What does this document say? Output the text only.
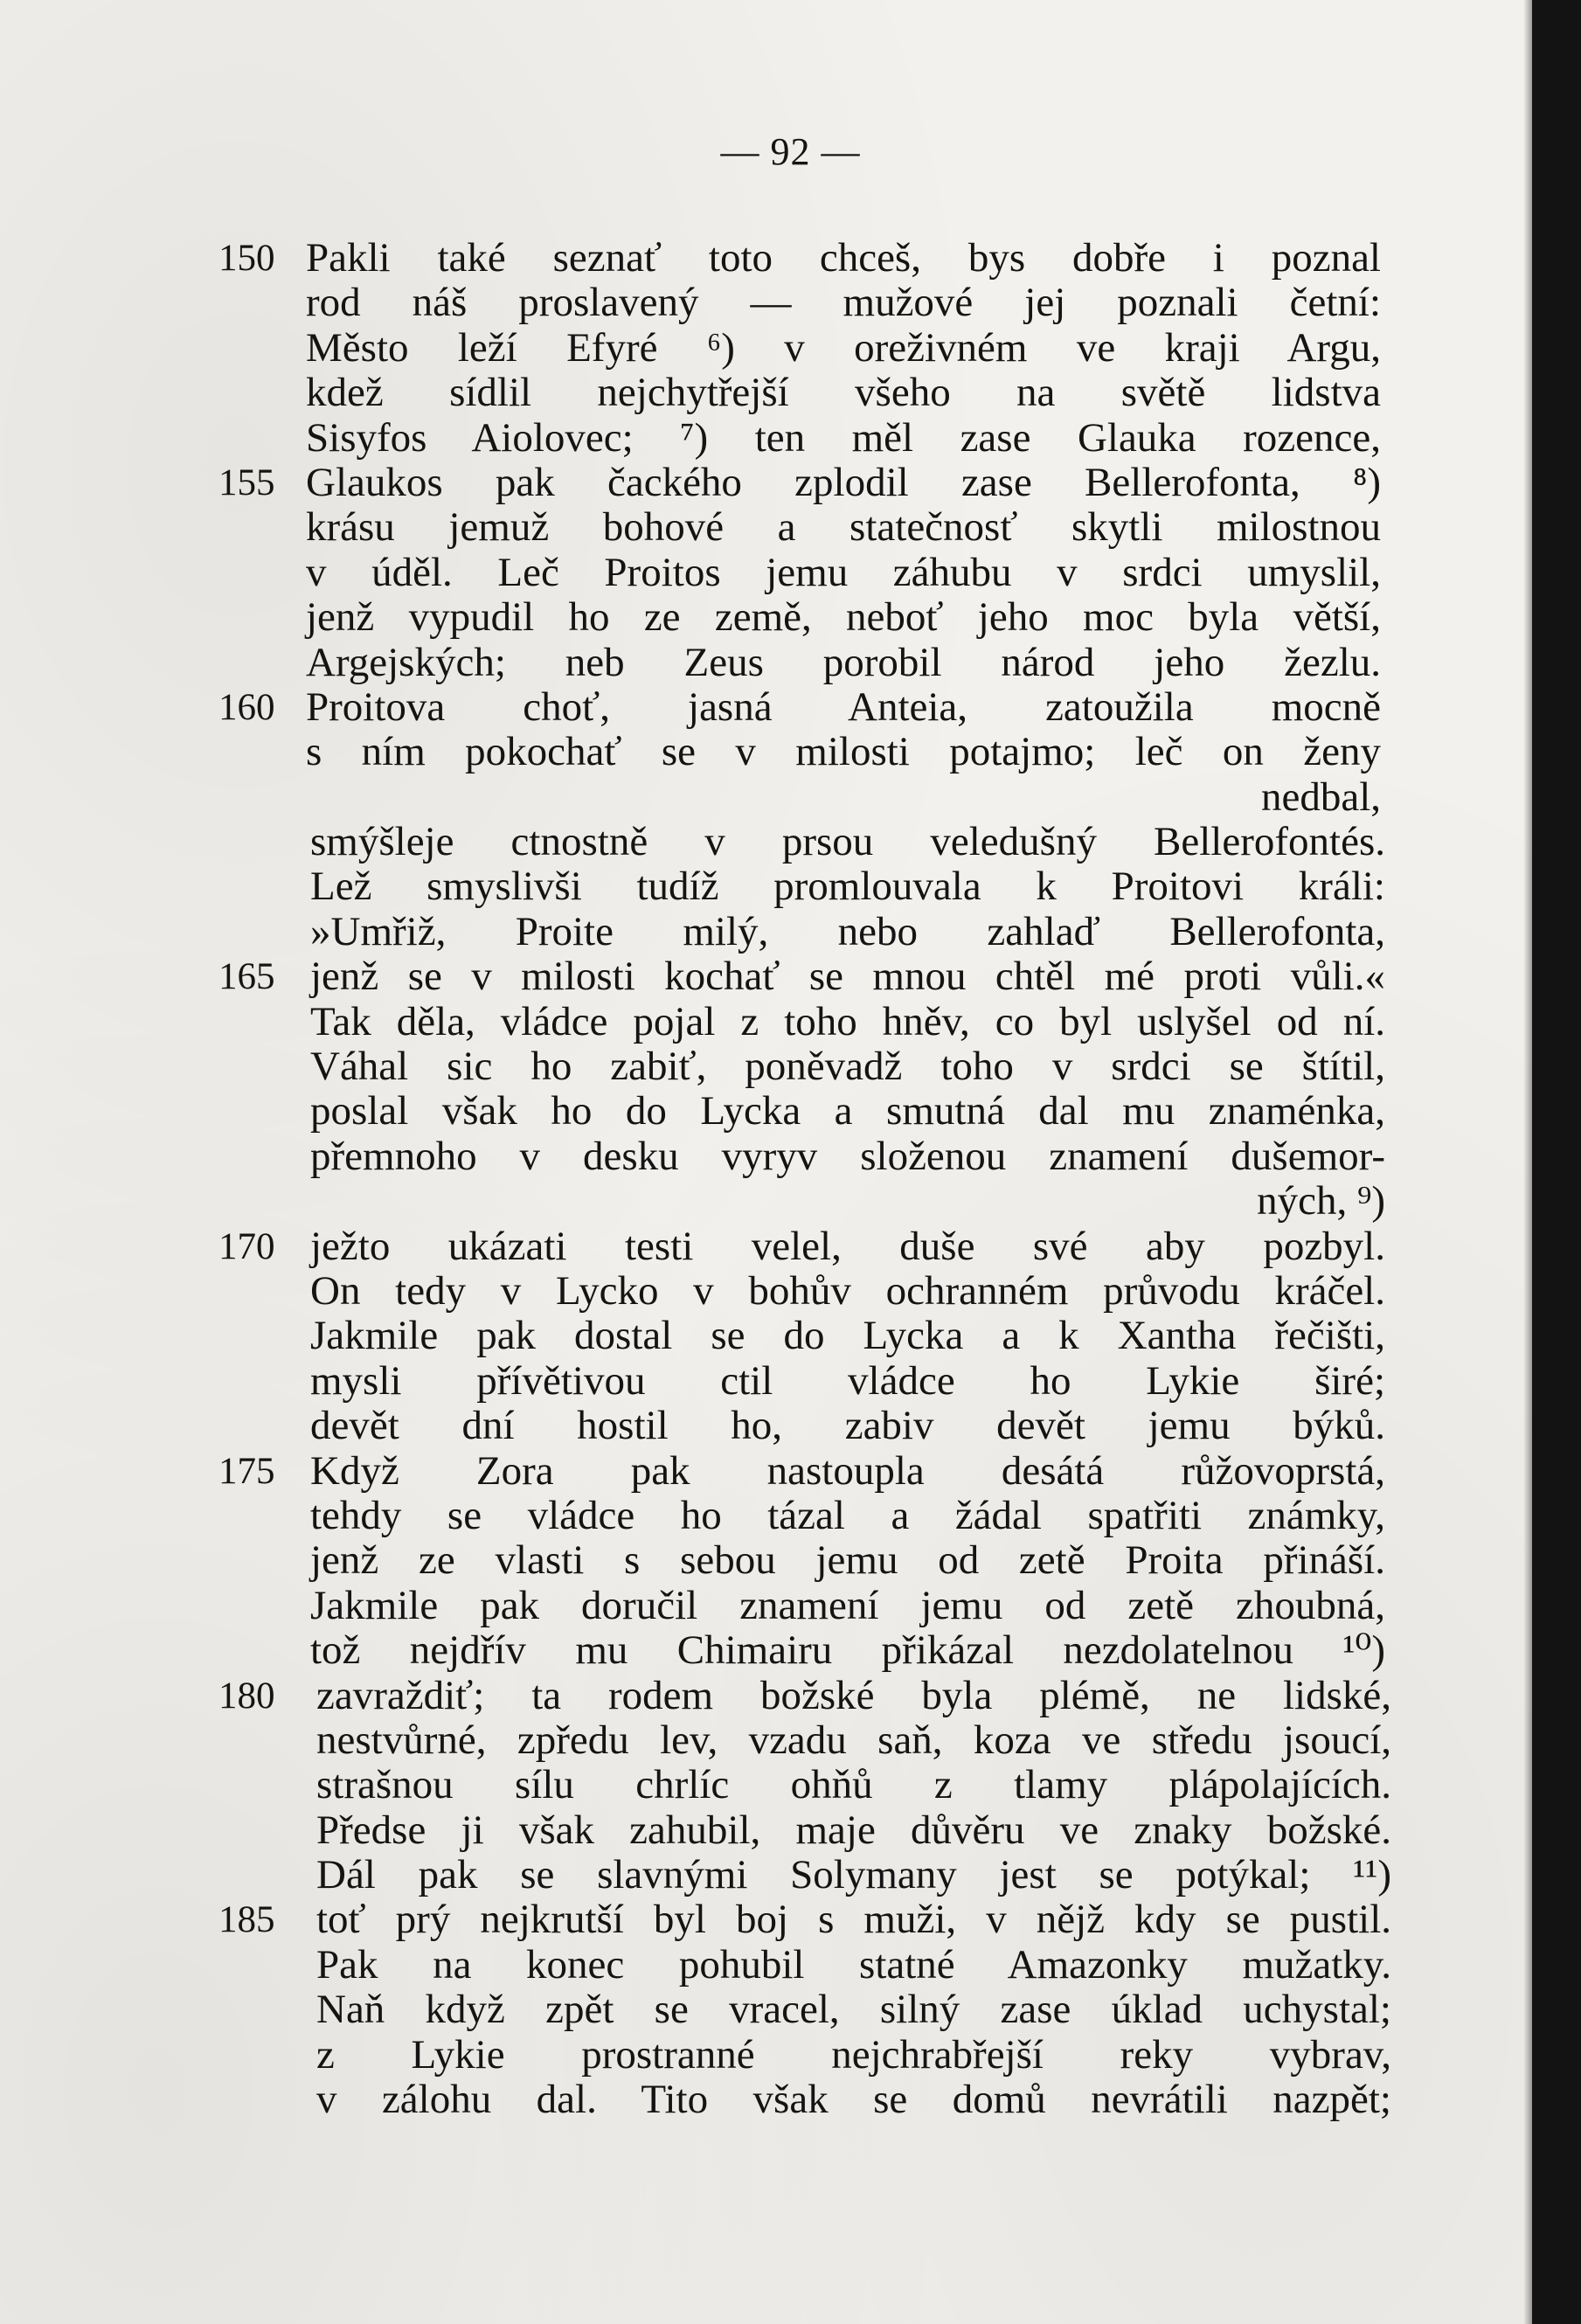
— 92 —
150 Pakli také seznať toto chceš, bys dobře i poznal
rod náš proslavený — mužové jej poznali četní:
Město leží Efyré ⁶) v oreživném ve kraji Argu,
kdež sídlil nejchytřejší všeho na světě lidstva
Sisyfos Aiolovec; ⁷) ten měl zase Glauka rozence,
155 Glaukos pak čackého zplodil zase Bellerofonta, ⁸)
krásu jemuž bohové a statečnosť skytli milostnou
v úděl. Leč Proitos jemu záhubu v srdci umyslil,
jenž vypudil ho ze země, neboť jeho moc byla větší,
Argejských; neb Zeus porobil národ jeho žezlu.
160 Proitova choť, jasná Anteia, zatoužila mocně
s ním pokochať se v milosti potajmo; leč on ženy
nedbal,
smýšleje ctnostně v prsou veledušný Bellerofontés.
Lež smyslivši tudíž promlouvala k Proitovi králi:
»Umřiž, Proite milý, nebo zahlaď Bellerofonta,
165 jenž se v milosti kochať se mnou chtěl mé proti vůli.«
Tak děla, vládce pojal z toho hněv, co byl uslyšel od ní.
Váhal sic ho zabiť, poněvadž toho v srdci se štítil,
poslal však ho do Lycka a smutná dal mu znaménka,
přemnoho v desku vyryv složenou znamení dušemor-
ných, ⁹)
170 ježto ukázati testi velel, duše své aby pozbyl.
On tedy v Lycko v bohův ochranném průvodu kráčel.
Jakmile pak dostal se do Lycka a k Xantha řečišti,
mysli přívětivou ctil vládce ho Lykie širé;
devět dní hostil ho, zabiv devět jemu býků.
175 Když Zora pak nastoupla desátá růžovoprstá,
tehdy se vládce ho tázal a žádal spatřiti známky,
jenž ze vlasti s sebou jemu od zetě Proita přináší.
Jakmile pak doručil znamení jemu od zetě zhoubná,
tož nejdřív mu Chimairu přikázal nezdolatelnou ¹⁰)
180	zavraždiť; ta rodem božské byla plémě, ne lidské,
nestvůrné, zpředu lev, vzadu saň, koza ve středu jsoucí,
strašnou sílu chrlíc ohňů z tlamy plápolajících.
Předse ji však zahubil, maje důvěru ve znaky božské.
Dál pak se slavnými Solymany jest se potýkal; ¹¹)
185	toť prý nejkrutší byl boj s muži, v nějž kdy se pustil.
Pak na konec pohubil statné Amazonky mužatky.
Naň když zpět se vracel, silný zase úklad uchystal;
z Lykie prostranné nejchrabřejší reky vybrav,
v zálohu dal. Tito však se domů nevrátili nazpět;
